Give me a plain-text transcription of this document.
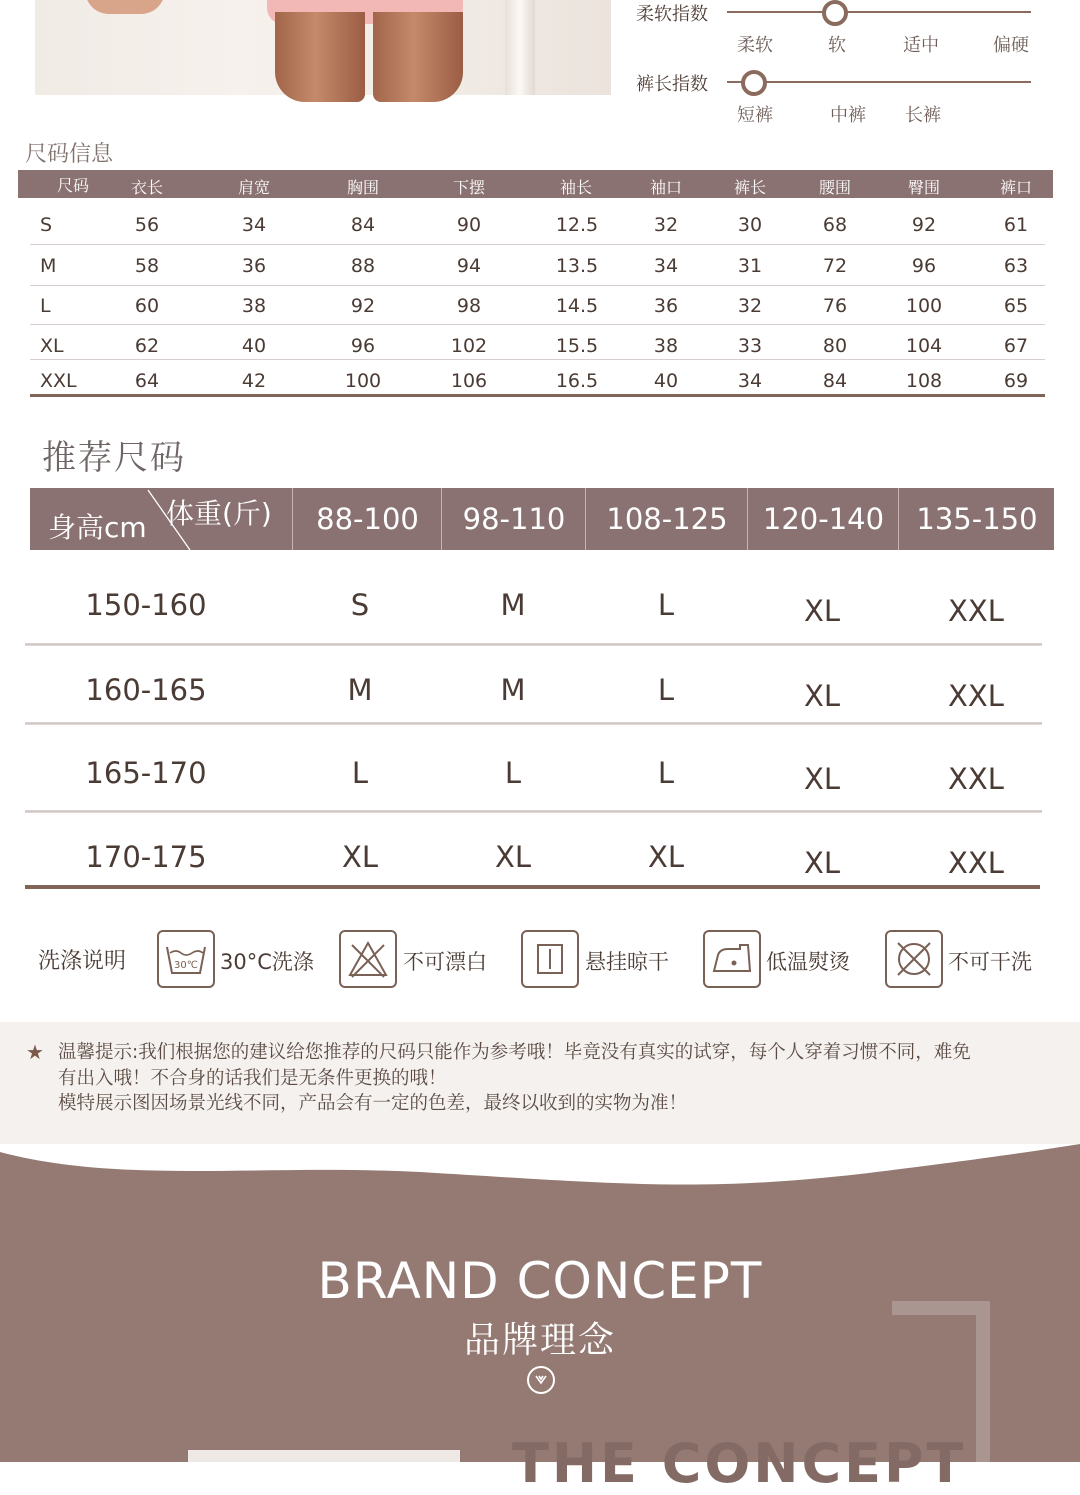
柔软指数
柔软	软	适中	偏硬
裤长指数
短裤	中裤 长裤
尺码信息
尺码	衣长	肩宽	胸围	下摆	袖长	袖口	裤长	腰围	臀围	裤口
S	56	34	84	90	12.5	32	30	68	92	61
M	58	36	88	94	13.5	34	31	72	96	63
L	60	38	92	98	14.5	36	32	76	100	65
XL	62	40	96	102	15.5	38	33	80	104	67
XXL	64	42	100	106	16.5	40	34	84	108	69
推荐尺码
身高cm 体重(斤)	88-100	98-110	108-125	120-140	135-150
150-160	S	M	L	XL	XXL
160-165	M	M	L	XL	XXL
165-170	L	L	L	XL	XXL
170-175	XL	XL	XL	XL	XXL
洗涤说明	30℃ 30°C洗涤	不可漂白	悬挂晾干	低温熨烫	不可干洗
★ 温馨提示:我们根据您的建议给您推荐的尺码只能作为参考哦！毕竟没有真实的试穿，每个人穿着习惯不同，难免
有出入哦！不合身的话我们是无条件更换的哦！
模特展示图因场景光线不同，产品会有一定的色差，最终以收到的实物为准！
BRAND CONCEPT
品牌理念
THE CONCEPT
